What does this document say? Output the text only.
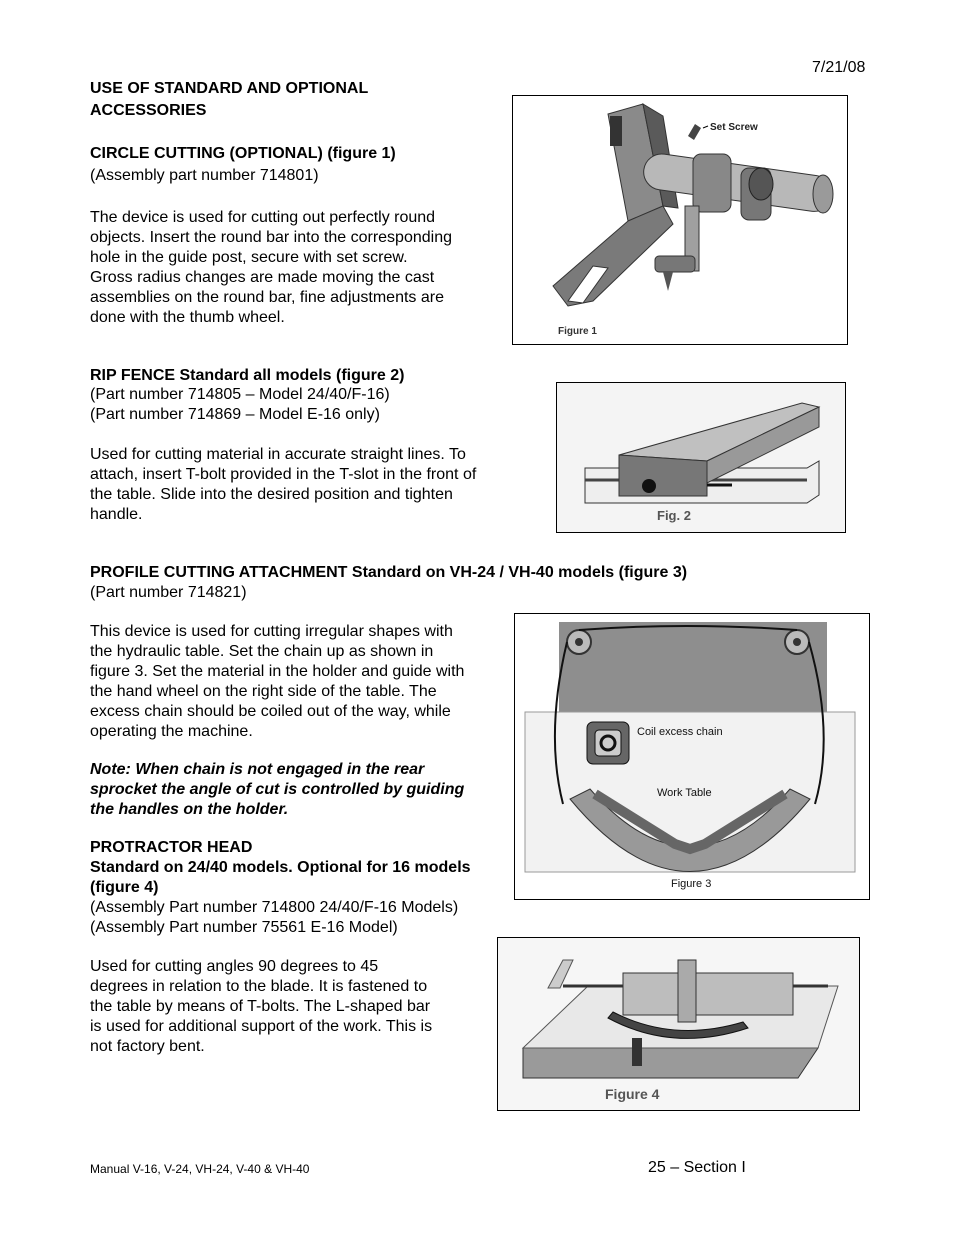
7/21/08
USE OF STANDARD AND OPTIONAL
ACCESSORIES
CIRCLE CUTTING (OPTIONAL) (figure 1)
(Assembly part number 714801)

The device is used for cutting out perfectly round

objects. Insert the round bar into the corresponding

hole in the guide post, secure with set screw.

Gross radius changes are made moving the cast

assemblies on the round bar, fine adjustments are

done with the thumb wheel.

Set Screw
Figure 1
RIP FENCE Standard all models (figure 2)

(Part number 714805 – Model 24/40/F-16)

(Part number 714869 – Model E-16 only)

Used for cutting material in accurate straight lines. To

attach, insert T-bolt provided in the T-slot in the front of

the table. Slide into the desired position and tighten

handle.	Fig. 2
PROFILE CUTTING ATTACHMENT Standard on VH-24 / VH-40 models (figure 3)
(Part number 714821)

This device is used for cutting irregular shapes with

the hydraulic table. Set the chain up as shown in

figure 3. Set the material in the holder and guide with

the hand wheel on the right side of the table. The

excess chain should be coiled out of the way, while

operating the machine.

Note: When chain is not engaged in the rear

sprocket the angle of cut is controlled by guiding

the handles on the holder.

Coil excess chain
Work Table
Figure 3
PROTRACTOR HEAD

Standard on 24/40 models. Optional for 16 models

(figure 4)

(Assembly Part number 714800 24/40/F-16 Models)

(Assembly Part number 75561 E-16 Model)

Used for cutting angles 90 degrees to 45

degrees in relation to the blade. It is fastened to

the table by means of T-bolts. The L-shaped bar

is used for additional support of the work. This is

not factory bent.

Figure 4
Manual V-16, V-24, VH-24, V-40 & VH-40	25 – Section I
